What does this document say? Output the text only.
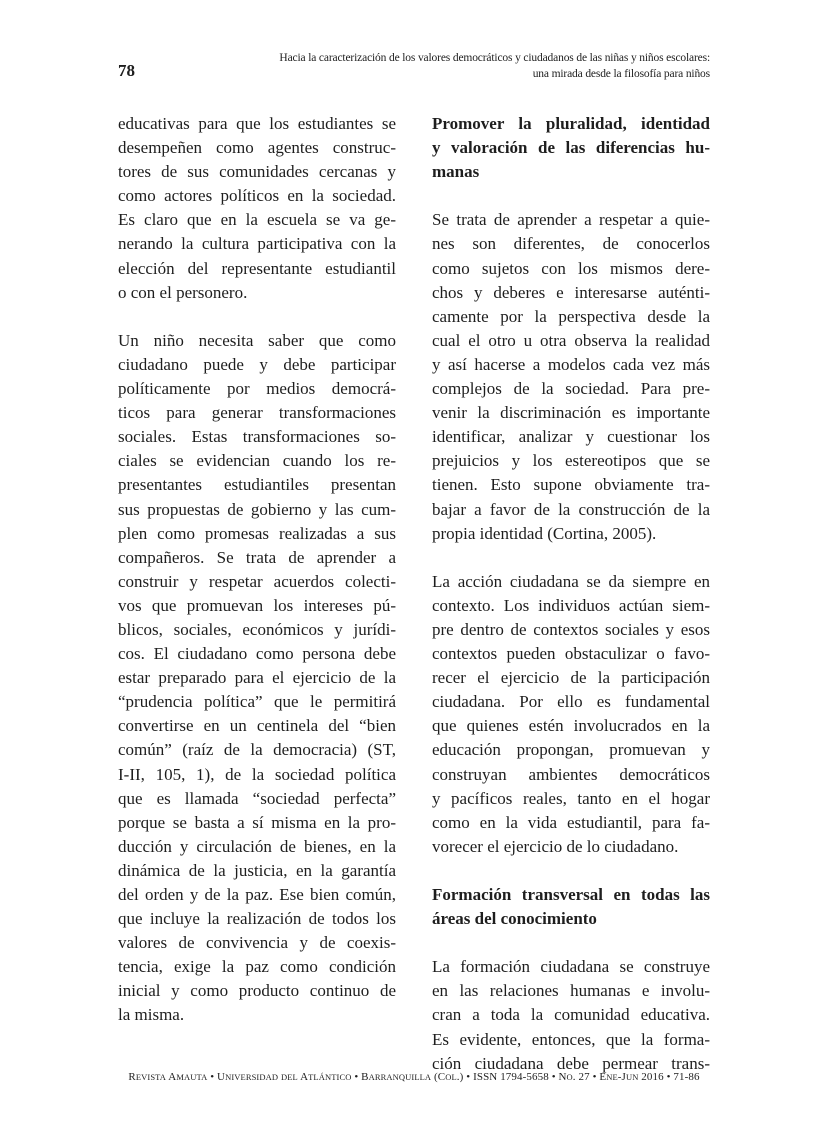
78
Hacia la caracterización de los valores democráticos y ciudadanos de las niñas y niños escolares:
una mirada desde la filosofía para niños
educativas para que los estudiantes se
desempeñen como agentes construc-
tores de sus comunidades cercanas y
como actores políticos en la sociedad.
Es claro que en la escuela se va ge-
nerando la cultura participativa con la
elección del representante estudiantil
o con el personero.
Un niño necesita saber que como
ciudadano puede y debe participar
políticamente por medios democrá-
ticos para generar transformaciones
sociales. Estas transformaciones so-
ciales se evidencian cuando los re-
presentantes estudiantiles presentan
sus propuestas de gobierno y las cum-
plen como promesas realizadas a sus
compañeros. Se trata de aprender a
construir y respetar acuerdos colecti-
vos que promuevan los intereses pú-
blicos, sociales, económicos y jurídi-
cos. El ciudadano como persona debe
estar preparado para el ejercicio de la
“prudencia política” que le permitirá
convertirse en un centinela del “bien
común” (raíz de la democracia) (ST,
I-II, 105, 1), de la sociedad política
que es llamada “sociedad perfecta”
porque se basta a sí misma en la pro-
ducción y circulación de bienes, en la
dinámica de la justicia, en la garantía
del orden y de la paz. Ese bien común,
que incluye la realización de todos los
valores de convivencia y de coexis-
tencia, exige la paz como condición
inicial y como producto continuo de
la misma.
Promover la pluralidad, identidad
y valoración de las diferencias hu-
manas
Se trata de aprender a respetar a quie-
nes son diferentes, de conocerlos
como sujetos con los mismos dere-
chos y deberes e interesarse auténti-
camente por la perspectiva desde la
cual el otro u otra observa la realidad
y así hacerse a modelos cada vez más
complejos de la sociedad. Para pre-
venir la discriminación es importante
identificar, analizar y cuestionar los
prejuicios y los estereotipos que se
tienen. Esto supone obviamente tra-
bajar a favor de la construcción de la
propia identidad (Cortina, 2005).
La acción ciudadana se da siempre en
contexto. Los individuos actúan siem-
pre dentro de contextos sociales y esos
contextos pueden obstaculizar o favo-
recer el ejercicio de la participación
ciudadana. Por ello es fundamental
que quienes estén involucrados en la
educación propongan, promuevan y
construyan ambientes democráticos
y pacíficos reales, tanto en el hogar
como en la vida estudiantil, para fa-
vorecer el ejercicio de lo ciudadano.
Formación transversal en todas las
áreas del conocimiento
La formación ciudadana se construye
en las relaciones humanas e involu-
cran a toda la comunidad educativa.
Es evidente, entonces, que la forma-
ción ciudadana debe permear trans-
REVISTA AMAUTA • UNIVERSIDAD DEL ATLÁNTICO • BARRANQUILLA (COL.) • ISSN 1794-5658 • NO. 27 • ENE-JUN 2016 • 71-86
